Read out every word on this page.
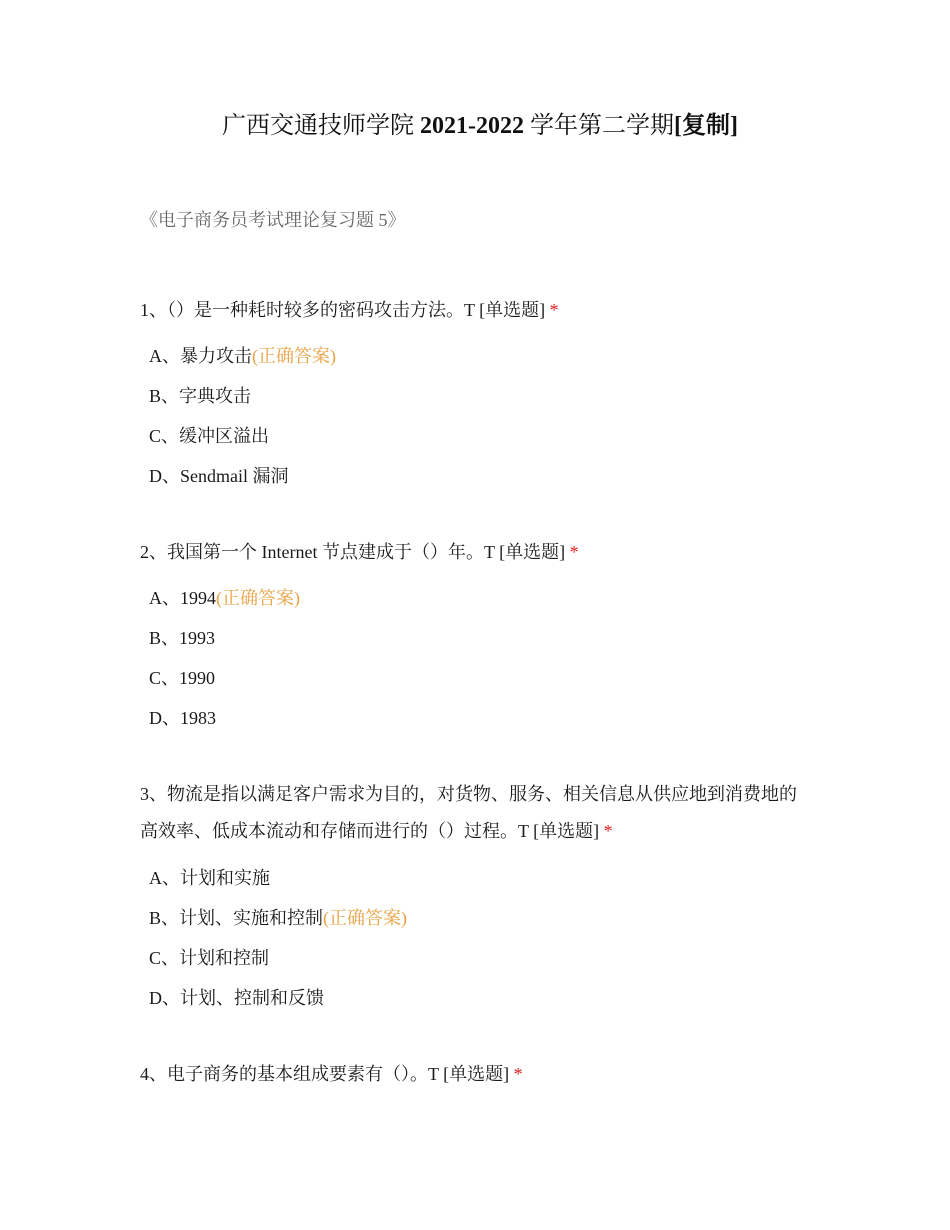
广西交通技师学院 2021-2022 学年第二学期[复制]
《电子商务员考试理论复习题 5》
1、（）是一种耗时较多的密码攻击方法。T [单选题] *
A、暴力攻击(正确答案)
B、字典攻击
C、缓冲区溢出
D、Sendmail 漏洞
2、我国第一个 Internet 节点建成于（）年。T [单选题] *
A、1994(正确答案)
B、1993
C、1990
D、1983
3、物流是指以满足客户需求为目的，对货物、服务、相关信息从供应地到消费地的高效率、低成本流动和存储而进行的（）过程。T [单选题] *
A、计划和实施
B、计划、实施和控制(正确答案)
C、计划和控制
D、计划、控制和反馈
4、电子商务的基本组成要素有（）。T [单选题] *
